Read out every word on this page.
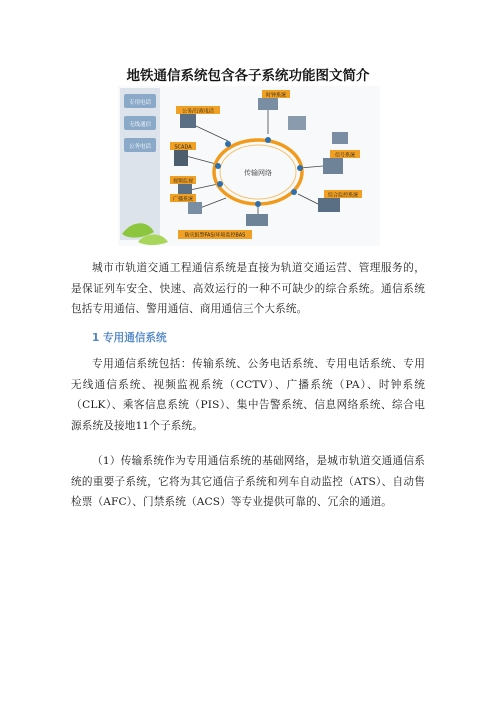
地铁通信系统包含各子系统功能图文简介
专用电话
无线通信
公务电话
传输网络
公务/行政电话
时钟系统
SCADA
信号系统
视频监视
广播系统
综合监控系统
防灾报警FAS/环境监控BAS

城市市轨道交通工程通信系统是直接为轨道交通运营、管理服务的，是保证列车安全、快速、高效运行的一种不可缺少的综合系统。通信系统包括专用通信、警用通信、商用通信三个大系统。

1 专用通信系统

专用通信系统包括：传输系统、公务电话系统、专用电话系统、专用无线通信系统、视频监视系统（CCTV）、广播系统（PA）、时钟系统（CLK）、乘客信息系统（PIS）、集中告警系统、信息网络系统、综合电源系统及接地11个子系统。

（1）传输系统作为专用通信系统的基础网络，是城市轨道交通通信系统的重要子系统，它将为其它通信子系统和列车自动监控（ATS）、自动售检票（AFC）、门禁系统（ACS）等专业提供可靠的、冗余的通道。
